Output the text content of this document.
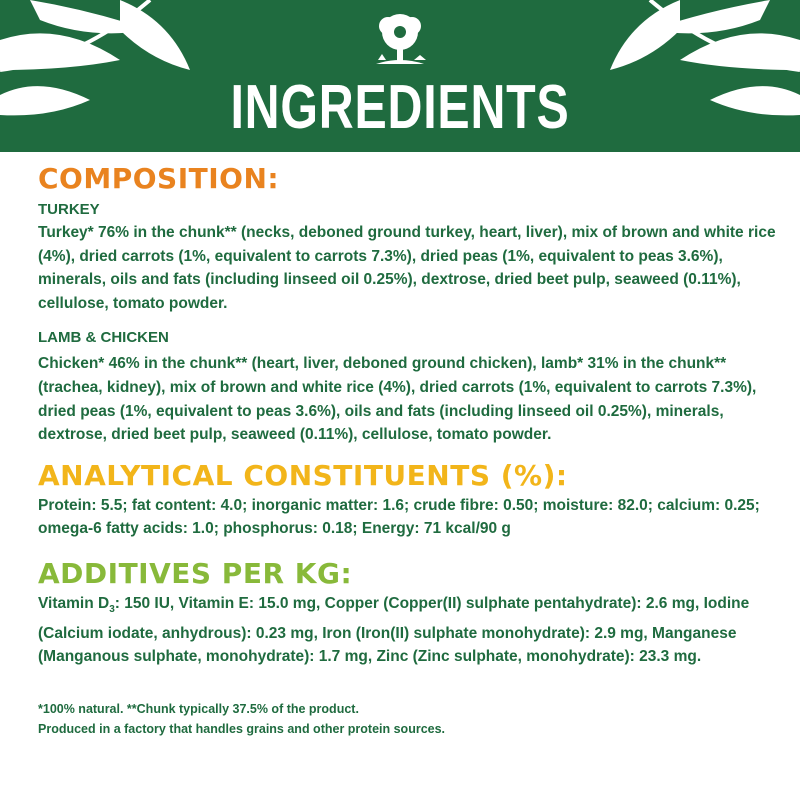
INGREDIENTS
COMPOSITION:

TURKEY

Turkey* 76% in the chunk** (necks, deboned ground turkey, heart, liver), mix of brown and white rice (4%), dried carrots (1%, equivalent to carrots 7.3%), dried peas (1%, equivalent to peas 3.6%), minerals, oils and fats (including linseed oil 0.25%), dextrose, dried beet pulp, seaweed (0.11%), cellulose, tomato powder.

LAMB & CHICKEN

Chicken* 46% in the chunk** (heart, liver, deboned ground chicken), lamb* 31% in the chunk** (trachea, kidney), mix of brown and white rice (4%), dried carrots (1%, equivalent to carrots 7.3%), dried peas (1%, equivalent to peas 3.6%), oils and fats (including linseed oil 0.25%), minerals, dextrose, dried beet pulp, seaweed (0.11%), cellulose, tomato powder.

ANALYTICAL CONSTITUENTS (%):

Protein: 5.5; fat content: 4.0; inorganic matter: 1.6; crude fibre: 0.50; moisture: 82.0; calcium: 0.25; omega-6 fatty acids: 1.0; phosphorus: 0.18; Energy: 71 kcal/90 g

ADDITIVES PER KG:

Vitamin $D_3$: 150 IU, Vitamin E: 15.0 mg, Copper (Copper(II) sulphate pentahydrate): 2.6 mg, Iodine (Calcium iodate, anhydrous): 0.23 mg, Iron (Iron(II) sulphate monohydrate): 2.9 mg, Manganese (Manganous sulphate, monohydrate): 1.7 mg, Zinc (Zinc sulphate, monohydrate): 23.3 mg.

*100% natural. **Chunk typically 37.5% of the product.

Produced in a factory that handles grains and other protein sources.
